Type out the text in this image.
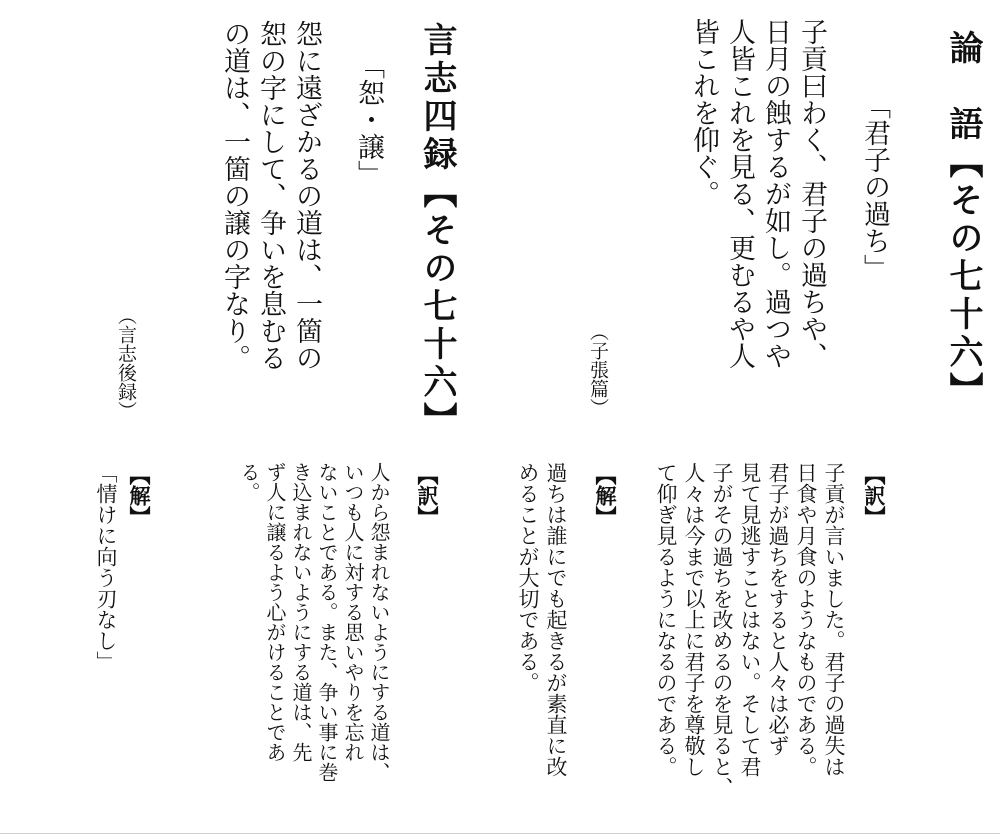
論　語【その七十六】
「君子の過ち」
子貢曰わく、君子の過ちや、
日月の蝕するが如し。過つや
人皆これを見る、更むるや人
皆これを仰ぐ。
（子張篇）
【訳】
子貢が言いました。君子の過失は
日食や月食のようなものである。
君子が過ちをすると人々は必ず
見て見逃すことはない。そして君
子がその過ちを改めるのを見ると、
人々は今まで以上に君子を尊敬し
て仰ぎ見るようになるのである。
【解】
過ちは誰にでも起きるが素直に改
めることが大切である。
言志四録【その七十六】
「恕・譲」
怨に遠ざかるの道は、一箇の
恕の字にして、争いを息むる
の道は、一箇の譲の字なり。
（言志後録）
【訳】
人から怨まれないようにする道は、
いつも人に対する思いやりを忘れ
ないことである。また、争い事に巻
き込まれないようにする道は、先
ず人に譲るよう心がけることであ
る。
【解】
「情けに向う刃なし」
